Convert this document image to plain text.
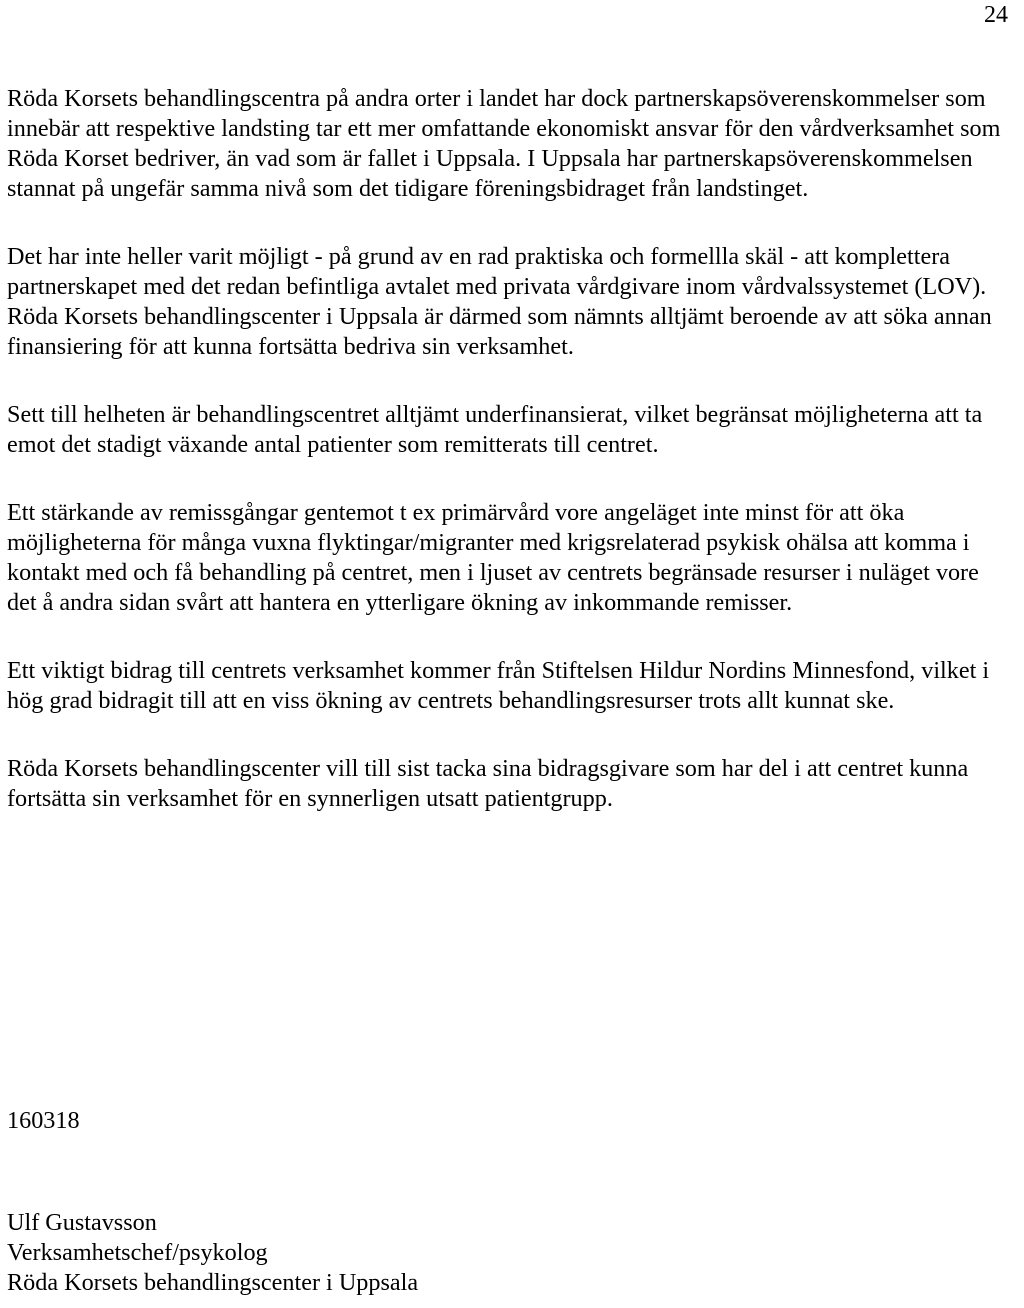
24

Röda Korsets behandlingscentra på andra orter i landet har dock partnerskapsöverenskommelser som innebär att respektive landsting tar ett mer omfattande ekonomiskt ansvar för den vårdverksamhet som Röda Korset bedriver, än vad som är fallet i Uppsala. I Uppsala har partnerskapsöverenskommelsen stannat på ungefär samma nivå som det tidigare föreningsbidraget från landstinget.

Det har inte heller varit möjligt - på grund av en rad praktiska och formellla skäl - att komplettera partnerskapet med det redan befintliga avtalet med privata vårdgivare inom vårdvalssystemet (LOV). Röda Korsets behandlingscenter i Uppsala är därmed som nämnts alltjämt beroende av att söka annan finansiering för att kunna fortsätta bedriva sin verksamhet.

Sett till helheten är behandlingscentret alltjämt underfinansierat, vilket begränsat möjligheterna att ta emot det stadigt växande antal patienter som remitterats till centret.

Ett stärkande av remissgångar gentemot t ex primärvård vore angeläget inte minst för att öka möjligheterna för många vuxna flyktingar/migranter med krigsrelaterad psykisk ohälsa att komma i kontakt med och få behandling på centret, men i ljuset av centrets begränsade resurser i nuläget vore det å andra sidan svårt att hantera en ytterligare ökning av inkommande remisser.

Ett viktigt bidrag till centrets verksamhet kommer från Stiftelsen Hildur Nordins Minnesfond, vilket i hög grad bidragit till att en viss ökning av centrets behandlingsresurser trots allt kunnat ske.

Röda Korsets behandlingscenter vill till sist tacka sina bidragsgivare som har del i att centret kunna fortsätta sin verksamhet för en synnerligen utsatt patientgrupp.

160318
Ulf Gustavsson
Verksamhetschef/psykolog
Röda Korsets behandlingscenter i Uppsala
